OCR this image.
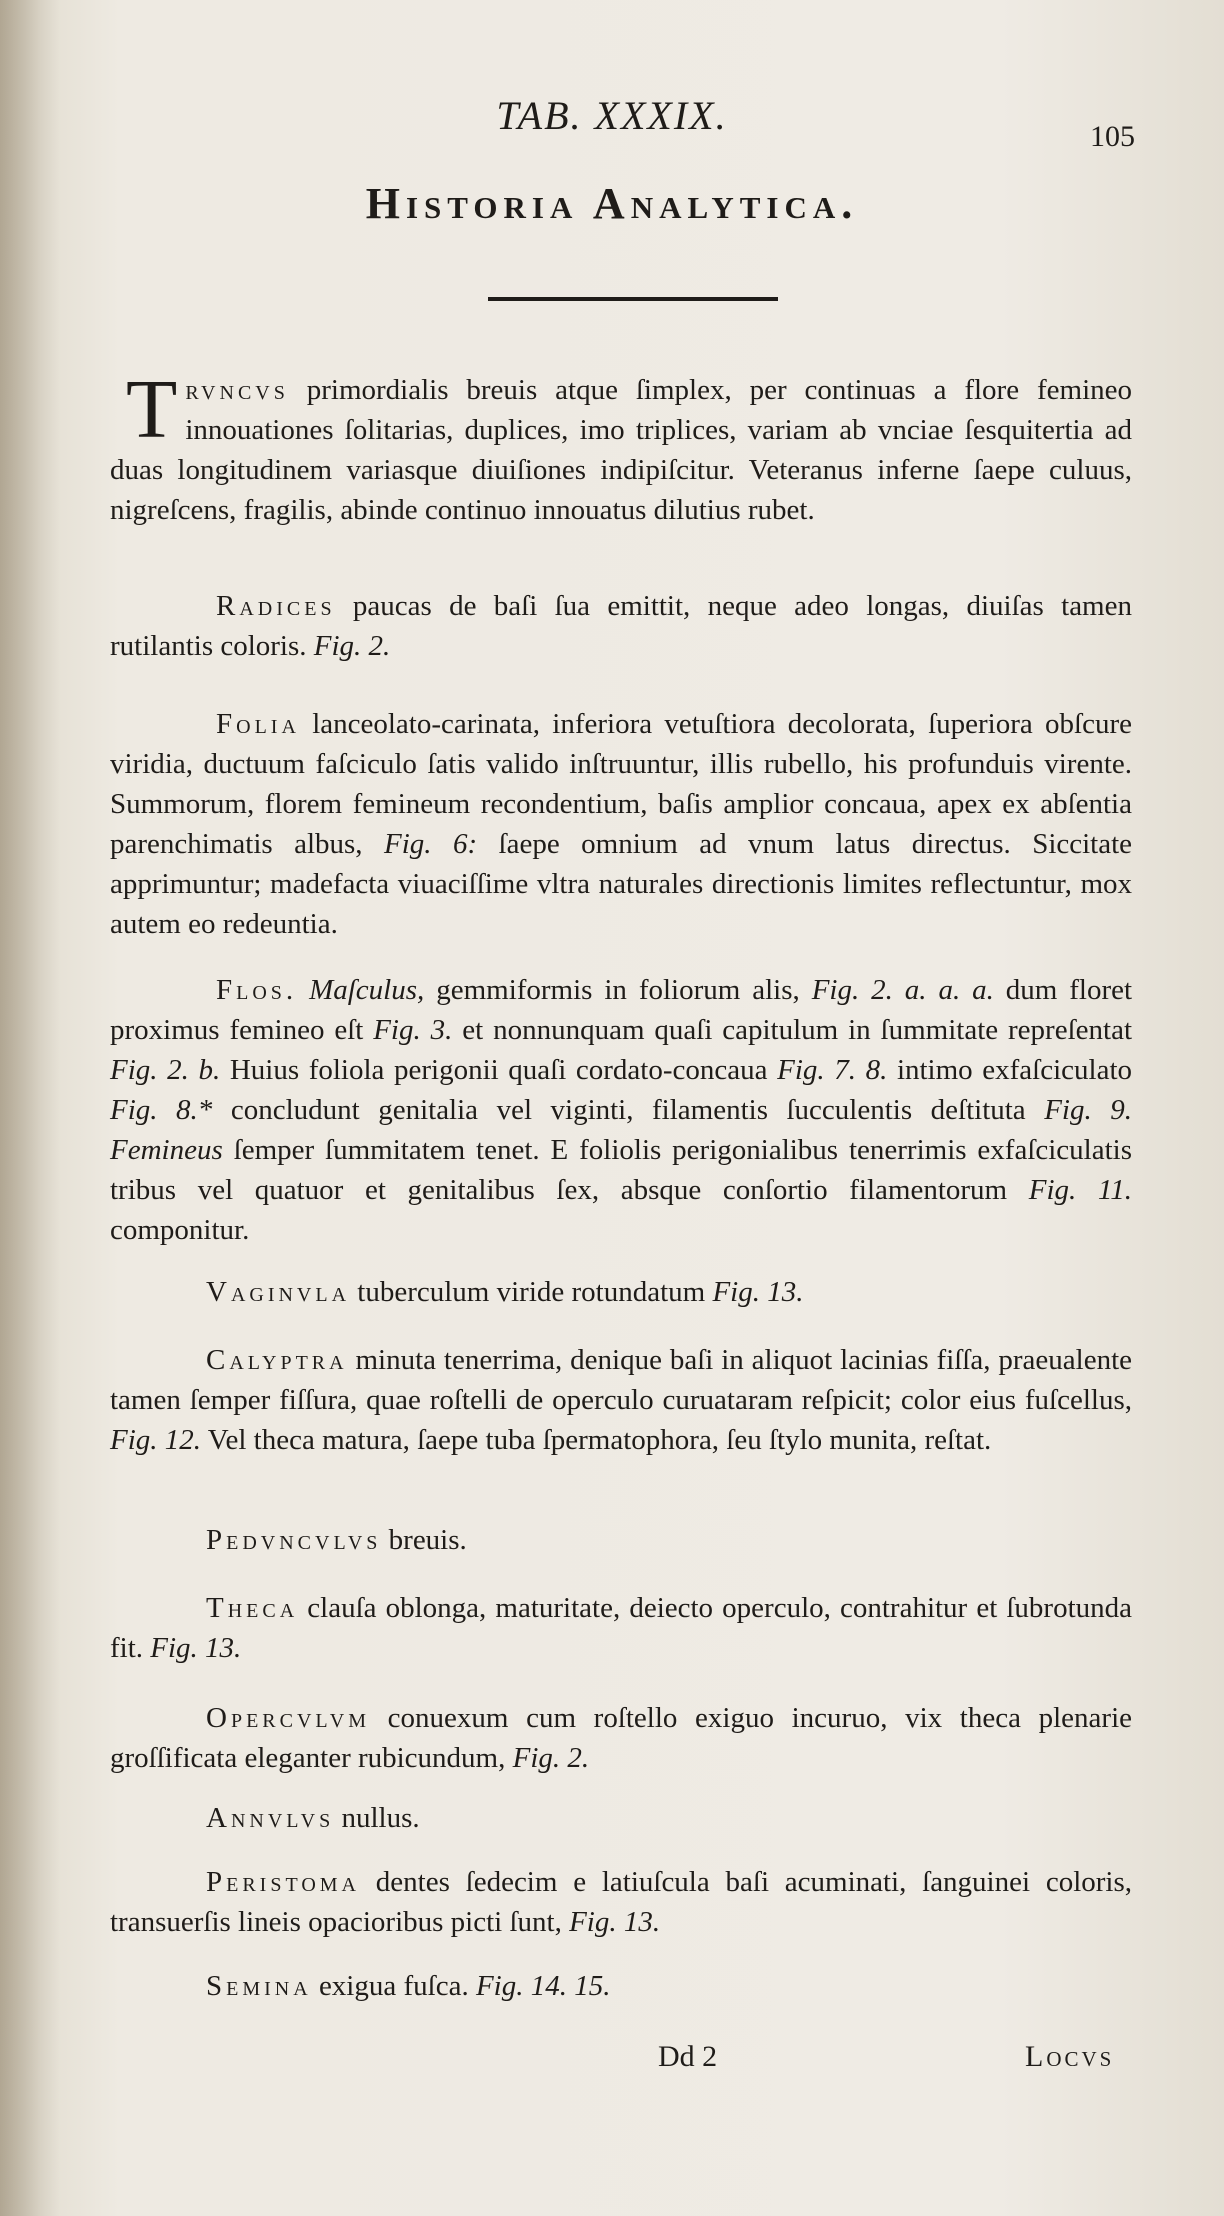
TAB. XXXIX.	105
Historia Analytica.
Trvncvs primordialis breuis atque ſimplex, per continuas a flore femineo innouationes ſolitarias, duplices, imo triplices, variam ab vnciae ſesquitertia ad duas longitudinem variasque diuiſiones indipiſcitur. Veteranus inferne ſaepe culuus, nigreſcens, fragilis, abinde continuo innouatus dilutius rubet.
Radices paucas de baſi ſua emittit, neque adeo longas, diuiſas tamen rutilantis coloris. Fig. 2.
Folia lanceolato-carinata, inferiora vetuſtiora decolorata, ſuperiora obſcure viridia, ductuum faſciculo ſatis valido inſtruuntur, illis rubello, his profunduis virente. Summorum, florem femineum recondentium, baſis amplior concaua, apex ex abſentia parenchimatis albus, Fig. 6: ſaepe omnium ad vnum latus directus. Siccitate apprimuntur; madefacta viuaciſſime vltra naturales directionis limites reflectuntur, mox autem eo redeuntia.
Flos. Maſculus, gemmiformis in foliorum alis, Fig. 2. a. a. a. dum floret proximus femineo eſt Fig. 3. et nonnunquam quaſi capitulum in ſummitate repreſentat Fig. 2. b. Huius foliola perigonii quaſi cordato-concaua Fig. 7. 8. intimo exfaſciculato Fig. 8.* concludunt genitalia vel viginti, filamentis ſucculentis deſtituta Fig. 9. Femineus ſemper ſummitatem tenet. E foliolis perigonialibus tenerrimis exfaſciculatis tribus vel quatuor et genitalibus ſex, absque conſortio filamentorum Fig. 11. componitur.
Vaginvla tuberculum viride rotundatum Fig. 13.
Calyptra minuta tenerrima, denique baſi in aliquot lacinias fiſſa, praeualente tamen ſemper fiſſura, quae roſtelli de operculo curuataram reſpicit; color eius fuſcellus, Fig. 12. Vel theca matura, ſaepe tuba ſpermatophora, ſeu ſtylo munita, reſtat.
Pedvncvlvs breuis.
Theca clauſa oblonga, maturitate, deiecto operculo, contrahitur et ſubrotunda fit. Fig. 13.
Opercvlvm conuexum cum roſtello exiguo incuruo, vix theca plenarie groſſificata eleganter rubicundum, Fig. 2.
Annvlvs nullus.
Peristoma dentes ſedecim e latiuſcula baſi acuminati, ſanguinei coloris, transuerſis lineis opacioribus picti ſunt, Fig. 13.
Semina exigua fuſca. Fig. 14. 15.
Dd 2	Locvs
